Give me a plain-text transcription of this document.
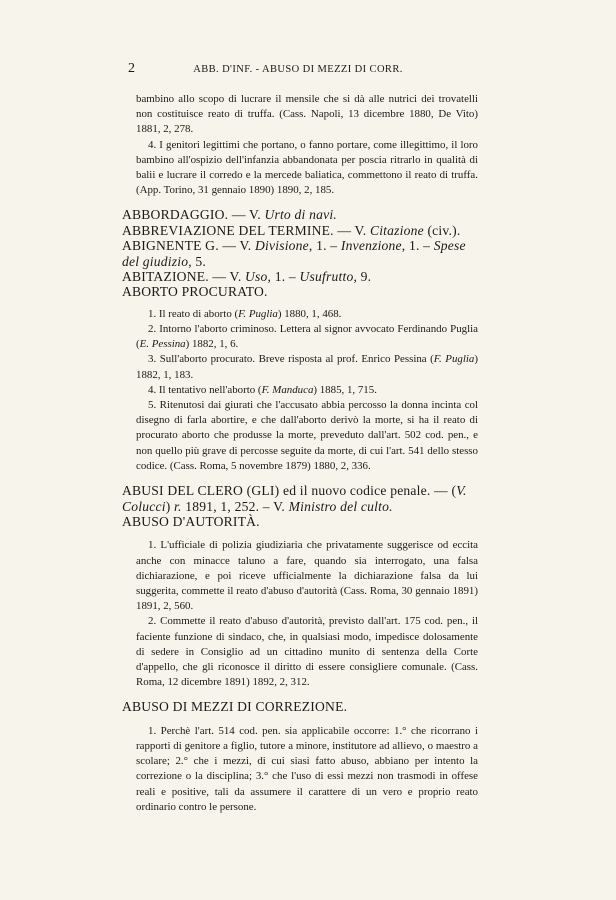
2	ABB. D'INF. - ABUSO DI MEZZI DI CORR.

bambino allo scopo di lucrare il mensile che si dà alle nutrici dei trovatelli non costituisce reato di truffa. (Cass. Napoli, 13 dicembre 1880, De Vito) 1881, 2, 278.

4. I genitori legittimi che portano, o fanno portare, come illegittimo, il loro bambino all'ospizio dell'infanzia abbandonata per poscia ritrarlo in qualità di balii e lucrare il corredo e la mercede baliatica, commettono il reato di truffa. (App. Torino, 31 gennaio 1890) 1890, 2, 185.

ABBORDAGGIO. — V. Urto di navi.

ABBREVIAZIONE DEL TERMINE. — V. Citazione (civ.).

ABIGNENTE G. — V. Divisione, 1. – Invenzione, 1. – Spese del giudizio, 5.

ABITAZIONE. — V. Uso, 1. – Usufrutto, 9.

ABORTO PROCURATO.

1. Il reato di aborto (F. Puglia) 1880, 1, 468.

2. Intorno l'aborto criminoso. Lettera al signor avvocato Ferdinando Puglia (E. Pessina) 1882, 1, 6.

3. Sull'aborto procurato. Breve risposta al prof. Enrico Pessina (F. Puglia) 1882, 1, 183.

4. Il tentativo nell'aborto (F. Manduca) 1885, 1, 715.

5. Ritenutosi dai giurati che l'accusato abbia percosso la donna incinta col disegno di farla abortire, e che dall'aborto derivò la morte, si ha il reato di procurato aborto che produsse la morte, preveduto dall'art. 502 cod. pen., e non quello più grave di percosse seguite da morte, di cui l'art. 541 dello stesso codice. (Cass. Roma, 5 novembre 1879) 1880, 2, 336.

ABUSI DEL CLERO (GLI) ed il nuovo codice penale. — (V. Colucci) r. 1891, 1, 252. – V. Ministro del culto.

ABUSO D'AUTORITÀ.

1. L'ufficiale di polizia giudiziaria che privatamente suggerisce od eccita anche con minacce taluno a fare, quando sia interrogato, una falsa dichiarazione, e poi riceve ufficialmente la dichiarazione falsa da lui suggerita, commette il reato d'abuso d'autorità (Cass. Roma, 30 gennaio 1891) 1891, 2, 560.

2. Commette il reato d'abuso d'autorità, previsto dall'art. 175 cod. pen., il faciente funzione di sindaco, che, in qualsiasi modo, impedisce dolosamente di sedere in Consiglio ad un cittadino munito di sentenza della Corte d'appello, che gli riconosce il diritto di essere consigliere comunale. (Cass. Roma, 12 dicembre 1891) 1892, 2, 312.

ABUSO DI MEZZI DI CORREZIONE.

1. Perchè l'art. 514 cod. pen. sia applicabile occorre: 1.° che ricorrano i rapporti di genitore a figlio, tutore a minore, institutore ad allievo, o maestro a scolare; 2.° che i mezzi, di cui siasi fatto abuso, abbiano per intento la correzione o la disciplina; 3.° che l'uso di essi mezzi non trasmodi in offese reali e positive, tali da assumere il carattere di un vero e proprio reato ordinario contro le persone.
